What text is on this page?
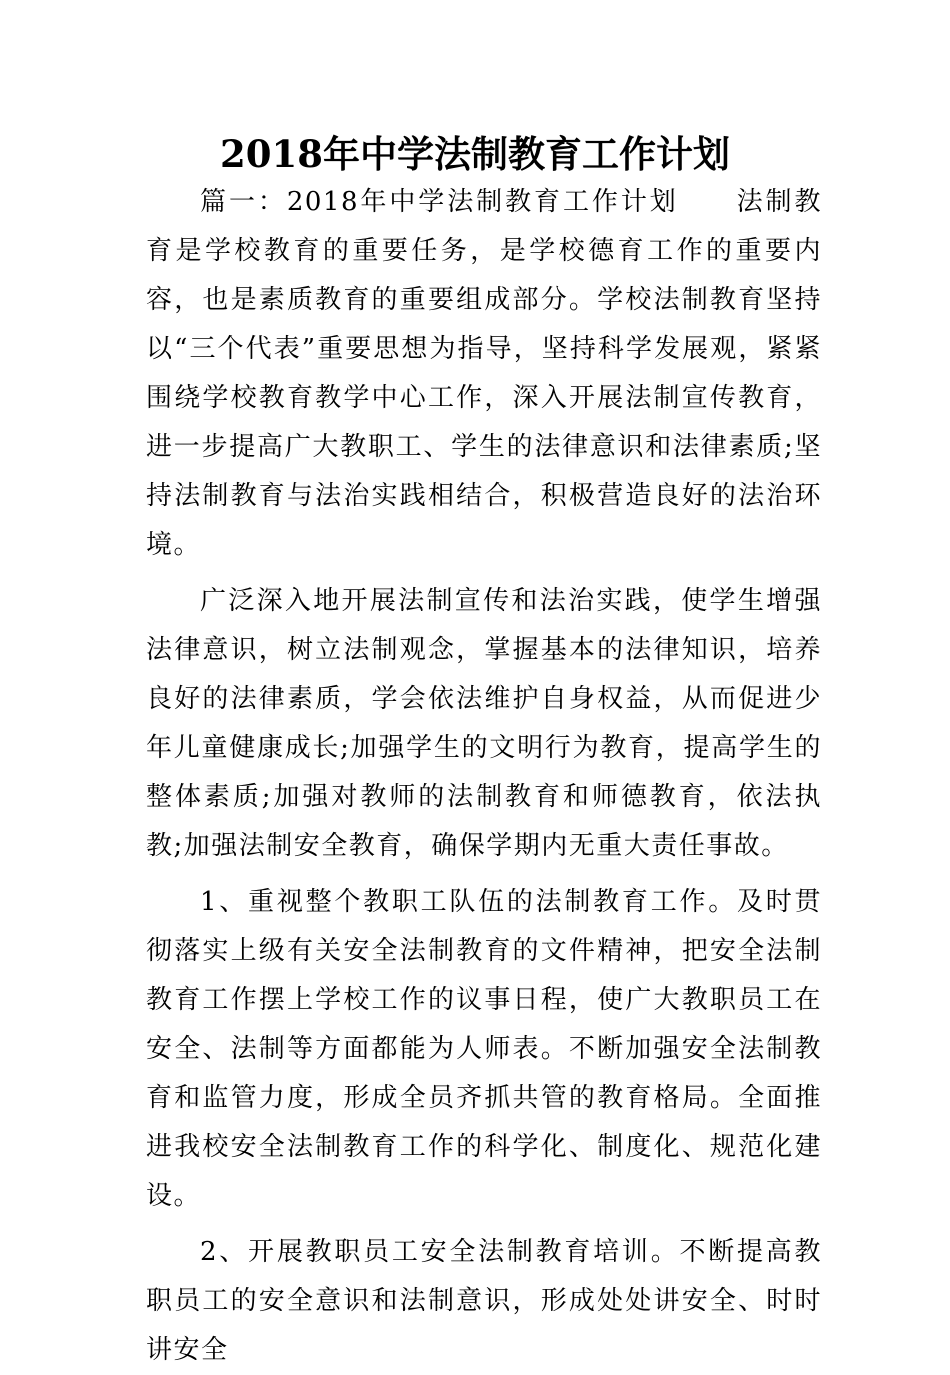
2018年中学法制教育工作计划

篇一：2018年中学法制教育工作计划　　法制教育是学校教育的重要任务，是学校德育工作的重要内容，也是素质教育的重要组成部分。学校法制教育坚持以“三个代表”重要思想为指导，坚持科学发展观，紧紧围绕学校教育教学中心工作，深入开展法制宣传教育，进一步提高广大教职工、学生的法律意识和法律素质;坚持法制教育与法治实践相结合，积极营造良好的法治环境。

广泛深入地开展法制宣传和法治实践，使学生增强法律意识，树立法制观念，掌握基本的法律知识，培养良好的法律素质，学会依法维护自身权益，从而促进少年儿童健康成长;加强学生的文明行为教育，提高学生的整体素质;加强对教师的法制教育和师德教育，依法执教;加强法制安全教育，确保学期内无重大责任事故。

1、重视整个教职工队伍的法制教育工作。及时贯彻落实上级有关安全法制教育的文件精神，把安全法制教育工作摆上学校工作的议事日程，使广大教职员工在安全、法制等方面都能为人师表。不断加强安全法制教育和监管力度，形成全员齐抓共管的教育格局。全面推进我校安全法制教育工作的科学化、制度化、规范化建设。

2、开展教职员工安全法制教育培训。不断提高教职员工的安全意识和法制意识，形成处处讲安全、时时讲安全
